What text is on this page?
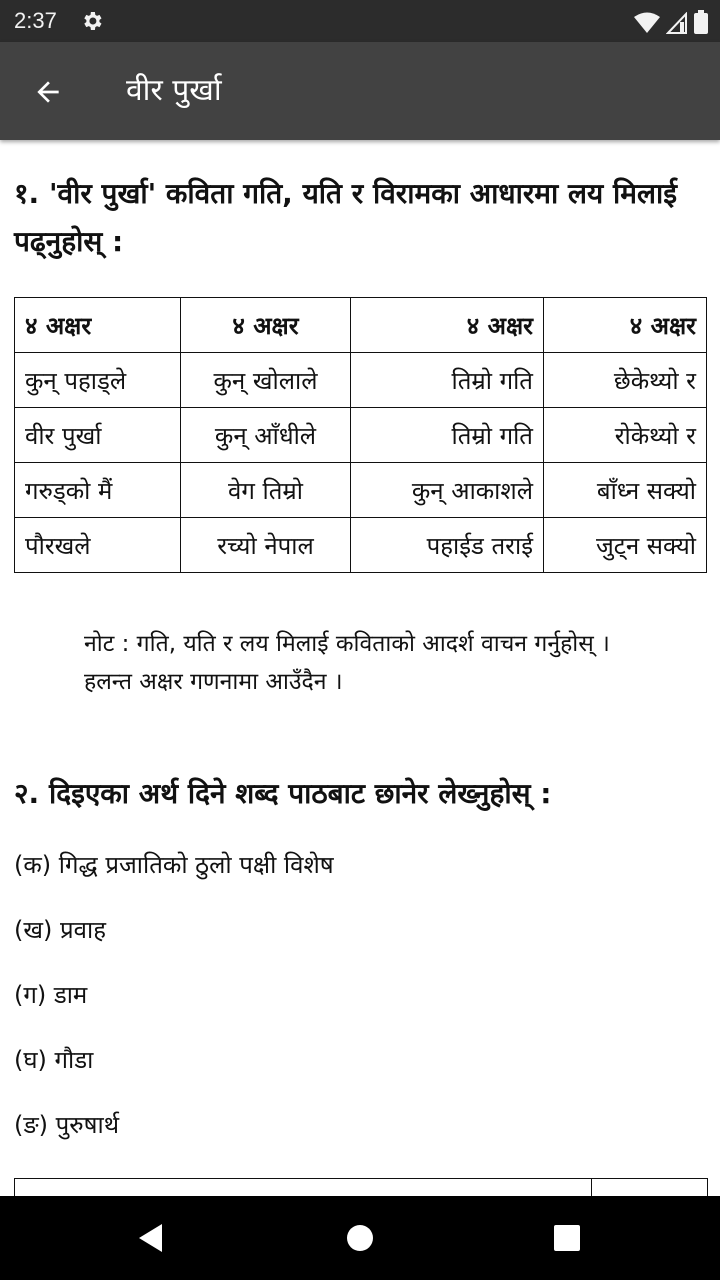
2:37
वीर पुर्खा
१. 'वीर पुर्खा' कविता गति, यति र विरामका आधारमा लय मिलाई पढ्नुहोस् :
४ अक्षर	४ अक्षर	४ अक्षर	४ अक्षर
कुन् पहाड्ले	कुन् खोलाले	तिम्रो गति	छेकेथ्यो र
वीर पुर्खा	कुन् आँधीले	तिम्रो गति	रोकेथ्यो र
गरुड्को मैं	वेग तिम्रो	कुन् आकाशले	बाँध्न सक्यो
पौरखले	रच्यो नेपाल	पहाईड तराई	जुट्न सक्यो

नोट : गति, यति र लय मिलाई कविताको आदर्श वाचन गर्नुहोस् । हलन्त अक्षर गणनामा आउँदैन ।

२. दिइएका अर्थ दिने शब्द पाठबाट छानेर लेख्नुहोस् :
(क) गिद्ध प्रजातिको ठुलो पक्षी विशेष
(ख) प्रवाह
(ग) डाम
(घ) गौडा
(ङ) पुरुषार्थ
